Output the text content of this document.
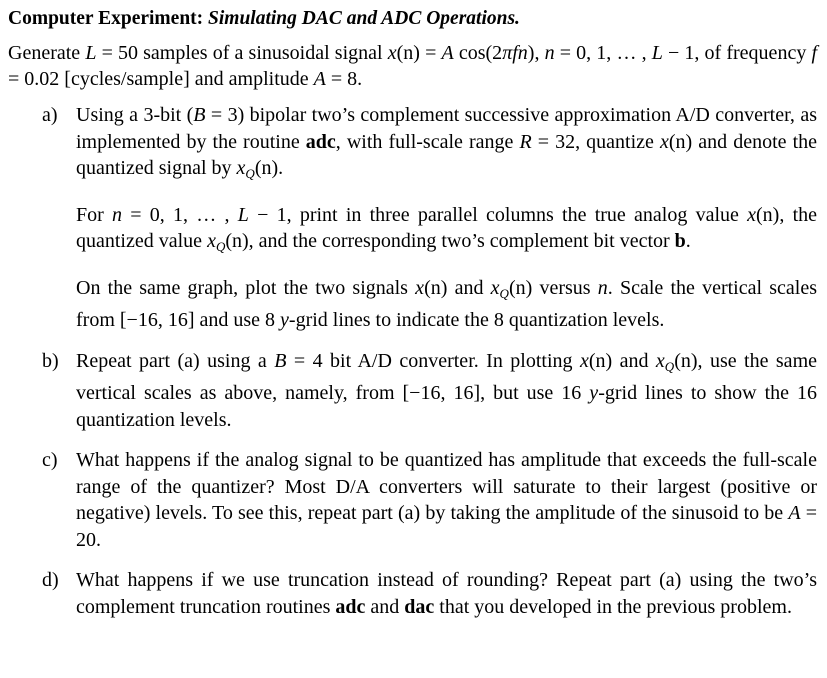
Computer Experiment: Simulating DAC and ADC Operations.
Generate L = 50 samples of a sinusoidal signal x(n) = A cos(2πfn), n = 0, 1, … , L − 1, of frequency f = 0.02 [cycles/sample] and amplitude A = 8.
a) Using a 3-bit (B = 3) bipolar two’s complement successive approximation A/D converter, as implemented by the routine adc, with full-scale range R = 32, quantize x(n) and denote the quantized signal by $x_Q(n)$.

For n = 0, 1, … , L − 1, print in three parallel columns the true analog value x(n), the quantized value $x_Q(n)$, and the corresponding two’s complement bit vector b.

On the same graph, plot the two signals x(n) and $x_Q(n)$ versus n. Scale the vertical scales from [−16, 16] and use 8 y-grid lines to indicate the 8 quantization levels.

b) Repeat part (a) using a B = 4 bit A/D converter. In plotting x(n) and $x_Q(n)$, use the same vertical scales as above, namely, from [−16, 16], but use 16 y-grid lines to show the 16 quantization levels.

c) What happens if the analog signal to be quantized has amplitude that exceeds the full-scale range of the quantizer? Most D/A converters will saturate to their largest (positive or negative) levels. To see this, repeat part (a) by taking the amplitude of the sinusoid to be A = 20.

d) What happens if we use truncation instead of rounding? Repeat part (a) using the two’s complement truncation routines adc and dac that you developed in the previous problem.
